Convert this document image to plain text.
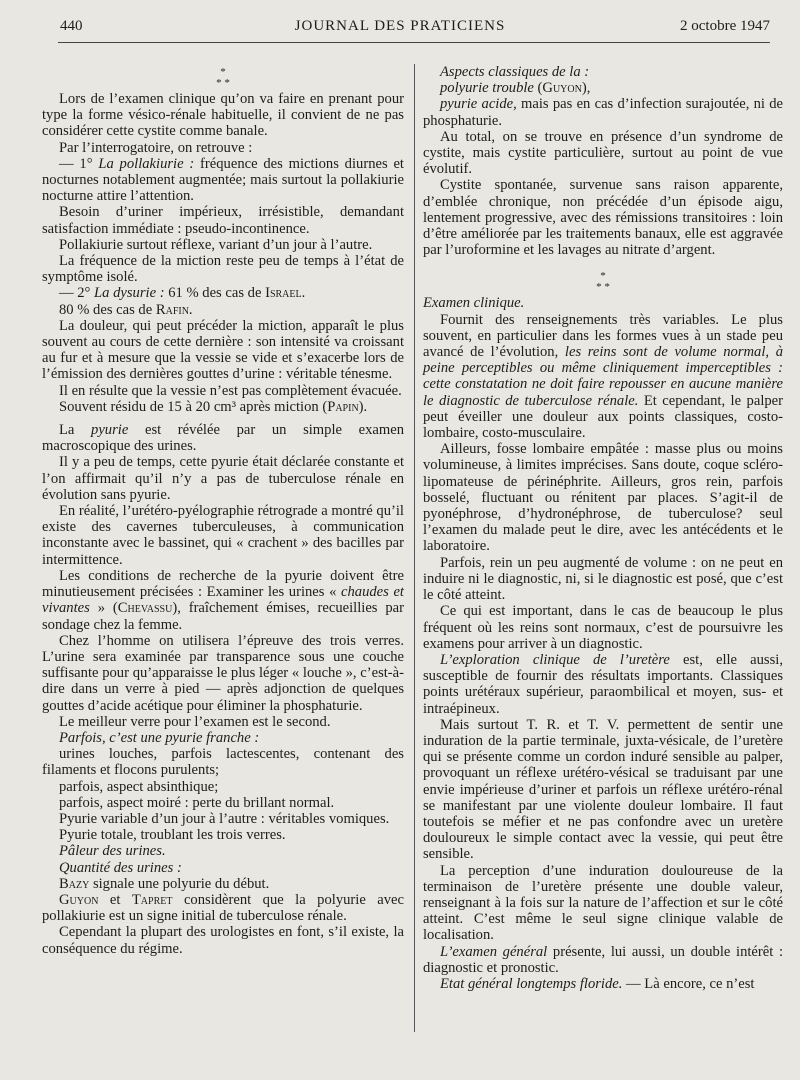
440	JOURNAL DES PRATICIENS	2 octobre 1947
*
* *

Lors de l’examen clinique qu’on va faire en prenant pour type la forme vésico-rénale habituelle, il convient de ne pas considérer cette cystite comme banale.

Par l’interrogatoire, on retrouve :

— 1° La pollakiurie : fréquence des mictions diurnes et nocturnes notablement augmentée; mais surtout la pollakiurie nocturne attire l’attention.

Besoin d’uriner impérieux, irrésistible, demandant satisfaction immédiate : pseudo-incontinence.

Pollakiurie surtout réflexe, variant d’un jour à l’autre.

La fréquence de la miction reste peu de temps à l’état de symptôme isolé.

— 2° La dysurie : 61 % des cas de Israel.

80 % des cas de Rafin.

La douleur, qui peut précéder la miction, apparaît le plus souvent au cours de cette dernière : son intensité va croissant au fur et à mesure que la vessie se vide et s’exacerbe lors de l’émission des dernières gouttes d’urine : véritable ténesme.

Il en résulte que la vessie n’est pas complètement évacuée.

Souvent résidu de 15 à 20 cm³ après miction (Papin).

La pyurie est révélée par un simple examen macroscopique des urines.

Il y a peu de temps, cette pyurie était déclarée constante et l’on affirmait qu’il n’y a pas de tuberculose rénale en évolution sans pyurie.

En réalité, l’urétéro-pyélographie rétrograde a montré qu’il existe des cavernes tuberculeuses, à communication inconstante avec le bassinet, qui « crachent » des bacilles par intermittence.

Les conditions de recherche de la pyurie doivent être minutieusement précisées : Examiner les urines « chaudes et vivantes » (Chevassu), fraîchement émises, recueillies par sondage chez la femme.

Chez l’homme on utilisera l’épreuve des trois verres. L’urine sera examinée par transparence sous une couche suffisante pour qu’apparaisse le plus léger « louche », c’est-à-dire dans un verre à pied — après adjonction de quelques gouttes d’acide acétique pour éliminer la phosphaturie.

Le meilleur verre pour l’examen est le second.

Parfois, c’est une pyurie franche :

urines louches, parfois lactescentes, contenant des filaments et flocons purulents;

parfois, aspect absinthique;

parfois, aspect moiré : perte du brillant normal.

Pyurie variable d’un jour à l’autre : véritables vomiques.

Pyurie totale, troublant les trois verres.

Pâleur des urines.

Quantité des urines :

Bazy signale une polyurie du début.

Guyon et Tapret considèrent que la polyurie avec pollakiurie est un signe initial de tuberculose rénale.

Cependant la plupart des urologistes en font, s’il existe, la conséquence du régime.

Aspects classiques de la :

polyurie trouble (Guyon),

pyurie acide, mais pas en cas d’infection surajoutée, ni de phosphaturie.

Au total, on se trouve en présence d’un syndrome de cystite, mais cystite particulière, surtout au point de vue évolutif.

Cystite spontanée, survenue sans raison apparente, d’emblée chronique, non précédée d’un épisode aigu, lentement progressive, avec des rémissions transitoires : loin d’être améliorée par les traitements banaux, elle est aggravée par l’uroformine et les lavages au nitrate d’argent.

*
* *

Examen clinique.

Fournit des renseignements très variables. Le plus souvent, en particulier dans les formes vues à un stade peu avancé de l’évolution, les reins sont de volume normal, à peine perceptibles ou même cliniquement imperceptibles : cette constatation ne doit faire repousser en aucune manière le diagnostic de tuberculose rénale. Et cependant, le palper peut éveiller une douleur aux points classiques, costo-lombaire, costo-musculaire.

Ailleurs, fosse lombaire empâtée : masse plus ou moins volumineuse, à limites imprécises. Sans doute, coque scléro-lipomateuse de périnéphrite. Ailleurs, gros rein, parfois bosselé, fluctuant ou rénitent par places. S’agit-il de pyonéphrose, d’hydronéphrose, de tuberculose? seul l’examen du malade peut le dire, avec les antécédents et le laboratoire.

Parfois, rein un peu augmenté de volume : on ne peut en induire ni le diagnostic, ni, si le diagnostic est posé, que c’est le côté atteint.

Ce qui est important, dans le cas de beaucoup le plus fréquent où les reins sont normaux, c’est de poursuivre les examens pour arriver à un diagnostic.

L’exploration clinique de l’uretère est, elle aussi, susceptible de fournir des résultats importants. Classiques points urétéraux supérieur, paraombilical et moyen, sus- et intraépineux.

Mais surtout T. R. et T. V. permettent de sentir une induration de la partie terminale, juxta-vésicale, de l’uretère qui se présente comme un cordon induré sensible au palper, provoquant un réflexe urétéro-vésical se traduisant par une envie impérieuse d’uriner et parfois un réflexe urétéro-rénal se manifestant par une violente douleur lombaire. Il faut toutefois se méfier et ne pas confondre avec un uretère douloureux le simple contact avec la vessie, qui peut être sensible.

La perception d’une induration douloureuse de la terminaison de l’uretère présente une double valeur, renseignant à la fois sur la nature de l’affection et sur le côté atteint. C’est même le seul signe clinique valable de localisation.

L’examen général présente, lui aussi, un double intérêt : diagnostic et pronostic.

Etat général longtemps floride. — Là encore, ce n’est
